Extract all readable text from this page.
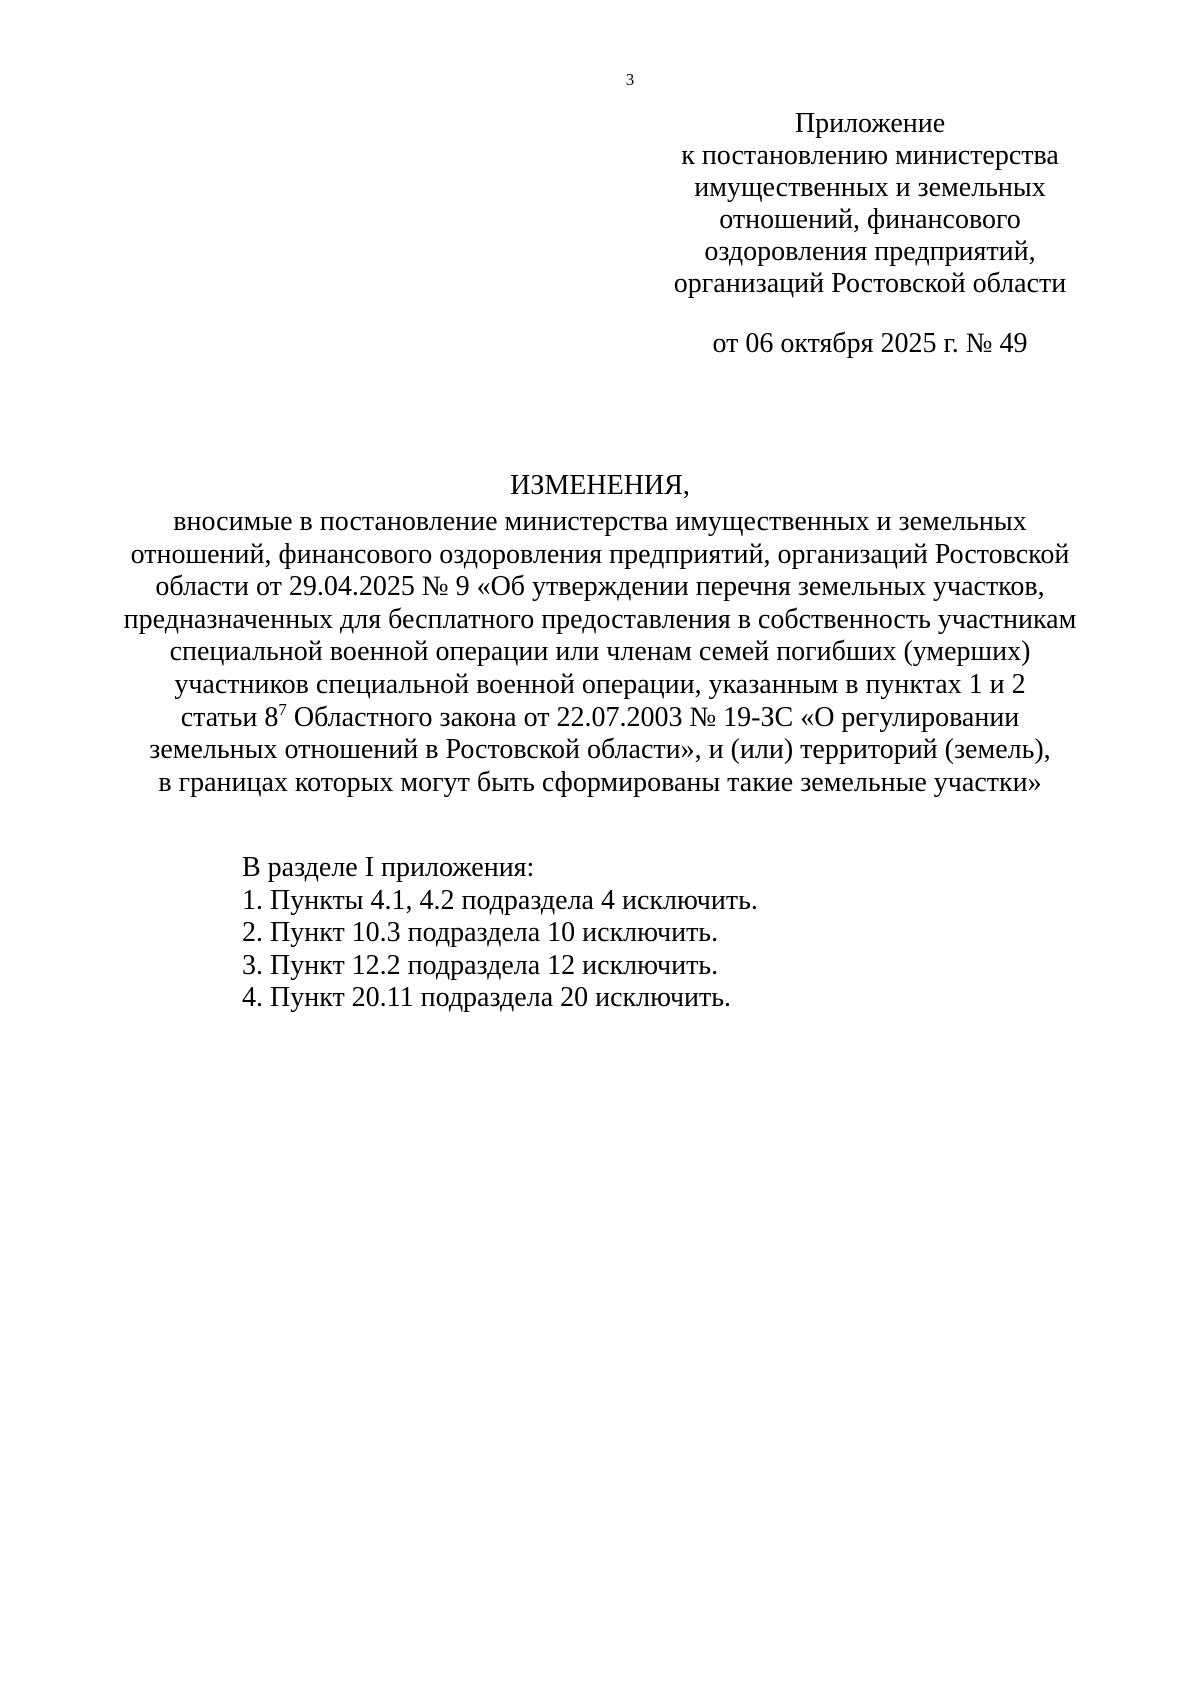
3
Приложение
к постановлению министерства
имущественных и земельных
отношений, финансового
оздоровления предприятий,
организаций Ростовской области
от 06 октября 2025 г. № 49
ИЗМЕНЕНИЯ,
вносимые в постановление министерства имущественных и земельных
отношений, финансового оздоровления предприятий, организаций Ростовской
области от 29.04.2025 № 9 «Об утверждении перечня земельных участков,
предназначенных для бесплатного предоставления в собственность участникам
специальной военной операции или членам семей погибших (умерших)
участников специальной военной операции, указанным в пунктах 1 и 2
статьи $8^7$ Областного закона от 22.07.2003 № 19-ЗС «О регулировании
земельных отношений в Ростовской области», и (или) территорий (земель),
в границах которых могут быть сформированы такие земельные участки»
В разделе I приложения:
1. Пункты 4.1, 4.2 подраздела 4 исключить.
2. Пункт 10.3 подраздела 10 исключить.
3. Пункт 12.2 подраздела 12 исключить.
4. Пункт 20.11 подраздела 20 исключить.
